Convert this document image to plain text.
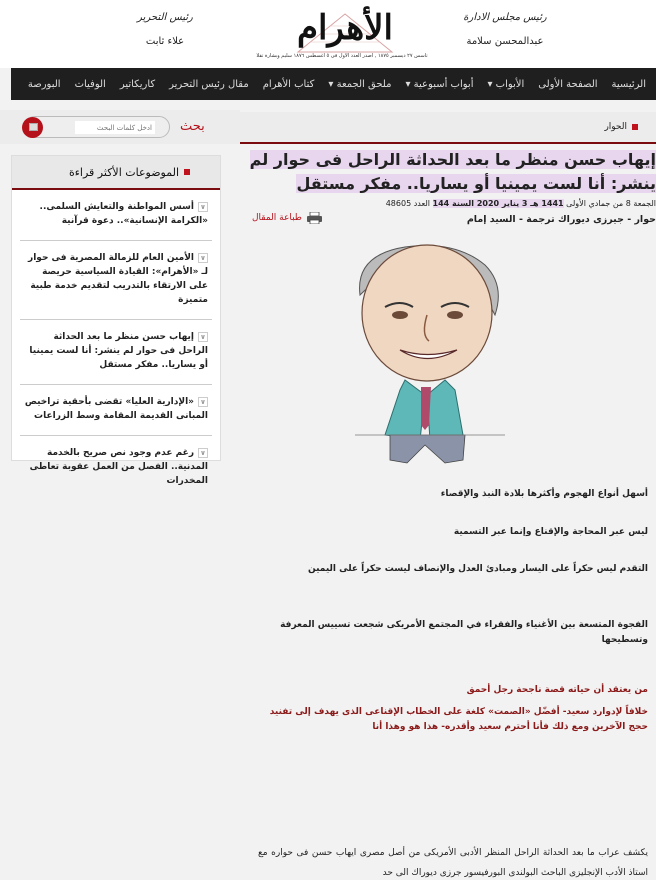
رئيس التحرير
علاء ثابت	الأهرام
تأسس ٢٧ ديسمبر ١٨٧٥ , اصدر العدد الأول فى ٥ أغسطس ١٨٧٦ سليم وبشارة تقلا
رئيس مجلس الادارة
عبدالمحسن سلامة
الرئيسية
الصفحة الأولى
الأبواب ▾
أبواب أسبوعية ▾
ملحق الجمعة ▾
كتاب الأهرام
مقال رئيس التحرير
كاريكاتير
الوفيات
البورصة
بحث
ادخل كلمات البحث	الحوار
الموضوعات الأكثر قراءة
∨أسس المواطنة والتعايش السلمى.. «الكرامة الإنسانية».. دعوة قرآنية
∨الأمين العام للزمالة المصرية فى حوار لـ «الأهرام»: القيادة السياسية حريصة على الارتقاء بالتدريب لتقديم خدمة طبية متميزة
∨إيهاب حسن منظر ما بعد الحداثة الراحل فى حوار لم ينشر: أنا لست يمينيا أو يساريا.. مفكر مستقل
∨«الإدارية العليا» تقضى بأحقية تراخيص المبانى القديمة المقامة وسط الزراعات
∨رغم عدم وجود نص صريح بالخدمة المدنية.. الفصل من العمل عقوبة تعاطى المخدرات
إيهاب حسن منظر ما بعد الحداثة الراحل فى حوار لم ينشر: أنا لست يمينيا أو يساريا.. مفكر مستقل
الجمعة 8 من جمادي الأولى 1441 هـ 3 يناير 2020 السنة 144 العدد 48605
حوار - جيرزى ديوراك ترجمة - السيد إمام
طباعة المقال
أسهل أنواع الهجوم وأكثرها بلادة النبذ والإقصاء
ليس عبر المحاجة والإقناع وإنما عبر التسمية
التقدم ليس حكراً على اليسار ومبادئ العدل والإنصاف ليست حكراً على اليمين
الفجوة المتسعة بين الأغنياء والفقراء في المجتمع الأمريكى شجعت تسييس المعرفة وتسطيحها
من يعتقد أن حياته قصة ناجحة رجل أحمق
خلافاً لإدوارد سعيد- أفضّل «الصمت» كلغة على الخطاب الإقناعى الذى يهدف إلى تفنيد حجج الآخرين ومع ذلك فأنا أحترم سعيد وأقدره- هذا هو وهذا أنا
يكشف عراب ما بعد الحداثة الراحل المنظر الأدبى الأمريكى من أصل مصرى ايهاب حسن فى حواره مع استاذ الأدب الإنجليزى الباحث البولندى البورفيسور جرزى ديوراك الى حد
